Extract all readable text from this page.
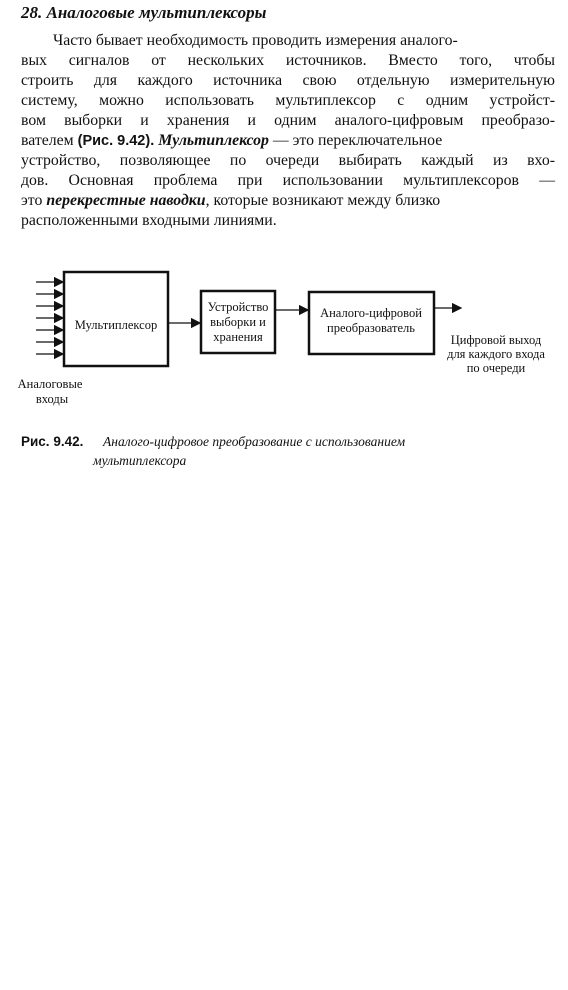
28. Аналоговые мультиплексоры
Часто бывает необходимость проводить измерения аналого-
вых сигналов от нескольких источников. Вместо того, чтобы
строить для каждого источника свою отдельную измерительную
систему, можно использовать мультиплексор с одним устройст-
вом выборки и хранения и одним аналого-цифровым преобразо-
вателем (Рис. 9.42). Мультиплексор — это переключательное
устройство, позволяющее по очереди выбирать каждый из вхо-
дов. Основная проблема при использовании мультиплексоров —
это перекрестные наводки, которые возникают между близко
расположенными входными линиями.
Мультиплексор
Устройство
выборки и
хранения
Аналого-цифровой
преобразователь
Цифровой выход
для каждого входа
по очереди
Аналоговые
входы
Рис. 9.42. Аналого-цифровое преобразование с использованием
мультиплексора
